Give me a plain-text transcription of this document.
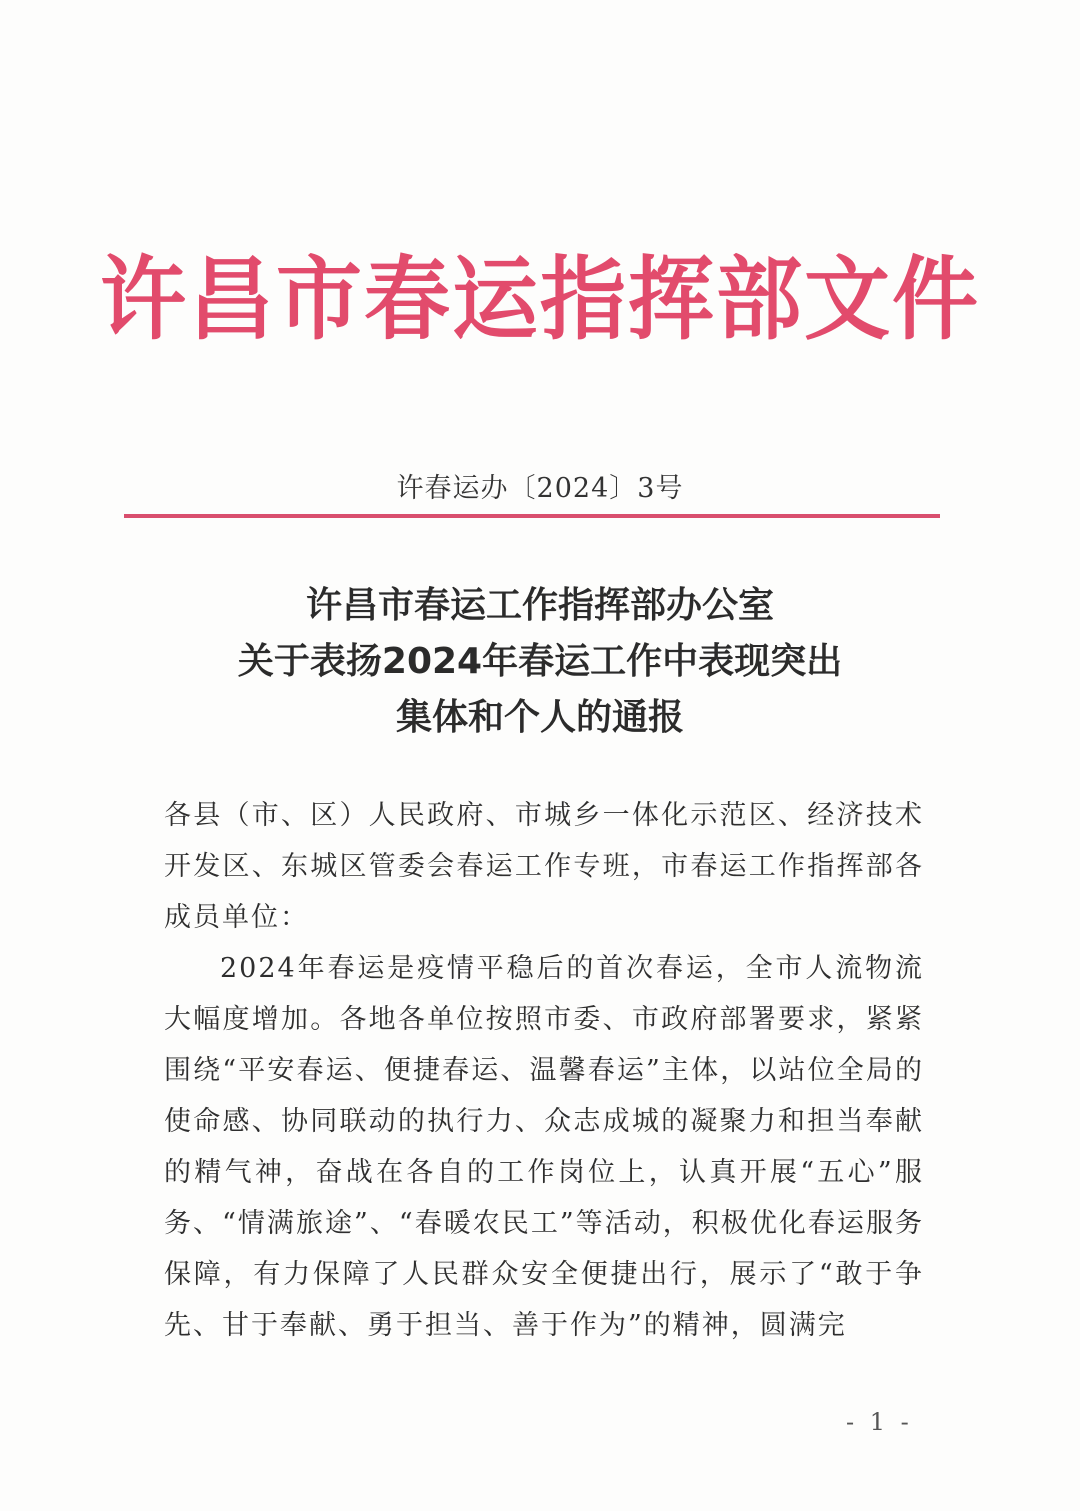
许昌市春运指挥部文件
许春运办〔2024〕3号
许昌市春运工作指挥部办公室
关于表扬2024年春运工作中表现突出
集体和个人的通报

各县（市、区）人民政府、市城乡一体化示范区、经济技术开发区、东城区管委会春运工作专班，市春运工作指挥部各成员单位：

2024年春运是疫情平稳后的首次春运，全市人流物流大幅度增加。各地各单位按照市委、市政府部署要求，紧紧围绕“平安春运、便捷春运、温馨春运”主体，以站位全局的使命感、协同联动的执行力、众志成城的凝聚力和担当奉献的精气神，奋战在各自的工作岗位上，认真开展“五心”服务、“情满旅途”、“春暖农民工”等活动，积极优化春运服务保障，有力保障了人民群众安全便捷出行，展示了“敢于争先、甘于奉献、勇于担当、善于作为”的精神，圆满完

- 1 -
